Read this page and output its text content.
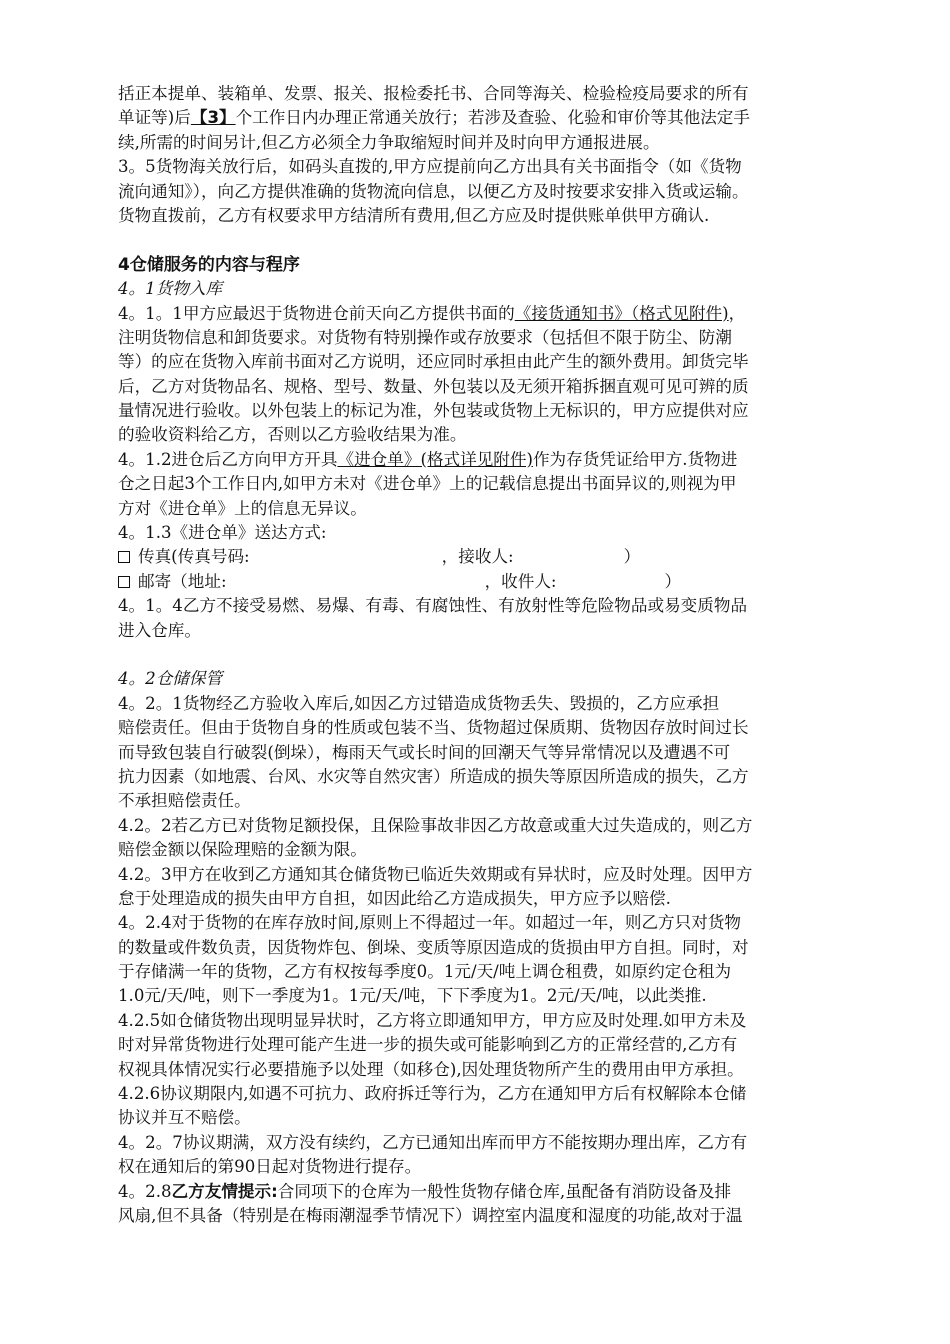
括正本提单、装箱单、发票、报关、报检委托书、合同等海关、检验检疫局要求的所有
单证等)后【3】个工作日内办理正常通关放行；若涉及查验、化验和审价等其他法定手
续,所需的时间另计,但乙方必须全力争取缩短时间并及时向甲方通报进展。
3。5货物海关放行后，如码头直拨的,甲方应提前向乙方出具有关书面指令（如《货物
流向通知》），向乙方提供准确的货物流向信息，以便乙方及时按要求安排入货或运输。
货物直拨前，乙方有权要求甲方结清所有费用,但乙方应及时提供账单供甲方确认.
4仓储服务的内容与程序
4。1货物入库
4。1。1甲方应最迟于货物进仓前天向乙方提供书面的《接货通知书》（格式见附件)，
注明货物信息和卸货要求。对货物有特别操作或存放要求（包括但不限于防尘、防潮
等）的应在货物入库前书面对乙方说明，还应同时承担由此产生的额外费用。卸货完毕
后，乙方对货物品名、规格、型号、数量、外包装以及无须开箱拆捆直观可见可辨的质
量情况进行验收。以外包装上的标记为准，外包装或货物上无标识的，甲方应提供对应
的验收资料给乙方，否则以乙方验收结果为准。
4。1.2进仓后乙方向甲方开具《进仓单》(格式详见附件)作为存货凭证给甲方.货物进
仓之日起3个工作日内,如甲方未对《进仓单》上的记载信息提出书面异议的,则视为甲
方对《进仓单》上的信息无异议。
4。1.3《进仓单》送达方式:
传真(传真号码:	，接收人:	）
邮寄（地址:	，收件人:	）
4。1。4乙方不接受易燃、易爆、有毒、有腐蚀性、有放射性等危险物品或易变质物品
进入仓库。
4。2仓储保管
4。2。1货物经乙方验收入库后,如因乙方过错造成货物丢失、毁损的，乙方应承担
赔偿责任。但由于货物自身的性质或包装不当、货物超过保质期、货物因存放时间过长
而导致包装自行破裂(倒垛），梅雨天气或长时间的回潮天气等异常情况以及遭遇不可
抗力因素（如地震、台风、水灾等自然灾害）所造成的损失等原因所造成的损失，乙方
不承担赔偿责任。
4.2。2若乙方已对货物足额投保，且保险事故非因乙方故意或重大过失造成的，则乙方
赔偿金额以保险理赔的金额为限。
4.2。3甲方在收到乙方通知其仓储货物已临近失效期或有异状时，应及时处理。因甲方
怠于处理造成的损失由甲方自担，如因此给乙方造成损失，甲方应予以赔偿.
4。2.4对于货物的在库存放时间,原则上不得超过一年。如超过一年，则乙方只对货物
的数量或件数负责，因货物炸包、倒垛、变质等原因造成的货损由甲方自担。同时，对
于存储满一年的货物，乙方有权按每季度0。1元/天/吨上调仓租费，如原约定仓租为
1.0元/天/吨，则下一季度为1。1元/天/吨，下下季度为1。2元/天/吨，以此类推.
4.2.5如仓储货物出现明显异状时，乙方将立即通知甲方，甲方应及时处理.如甲方未及
时对异常货物进行处理可能产生进一步的损失或可能影响到乙方的正常经营的,乙方有
权视具体情况实行必要措施予以处理（如移仓),因处理货物所产生的费用由甲方承担。
4.2.6协议期限内,如遇不可抗力、政府拆迁等行为，乙方在通知甲方后有权解除本仓储
协议并互不赔偿。
4。2。7协议期满，双方没有续约，乙方已通知出库而甲方不能按期办理出库，乙方有
权在通知后的第90日起对货物进行提存。
4。2.8乙方友情提示:合同项下的仓库为一般性货物存储仓库,虽配备有消防设备及排
风扇,但不具备（特别是在梅雨潮湿季节情况下）调控室内温度和湿度的功能,故对于温
